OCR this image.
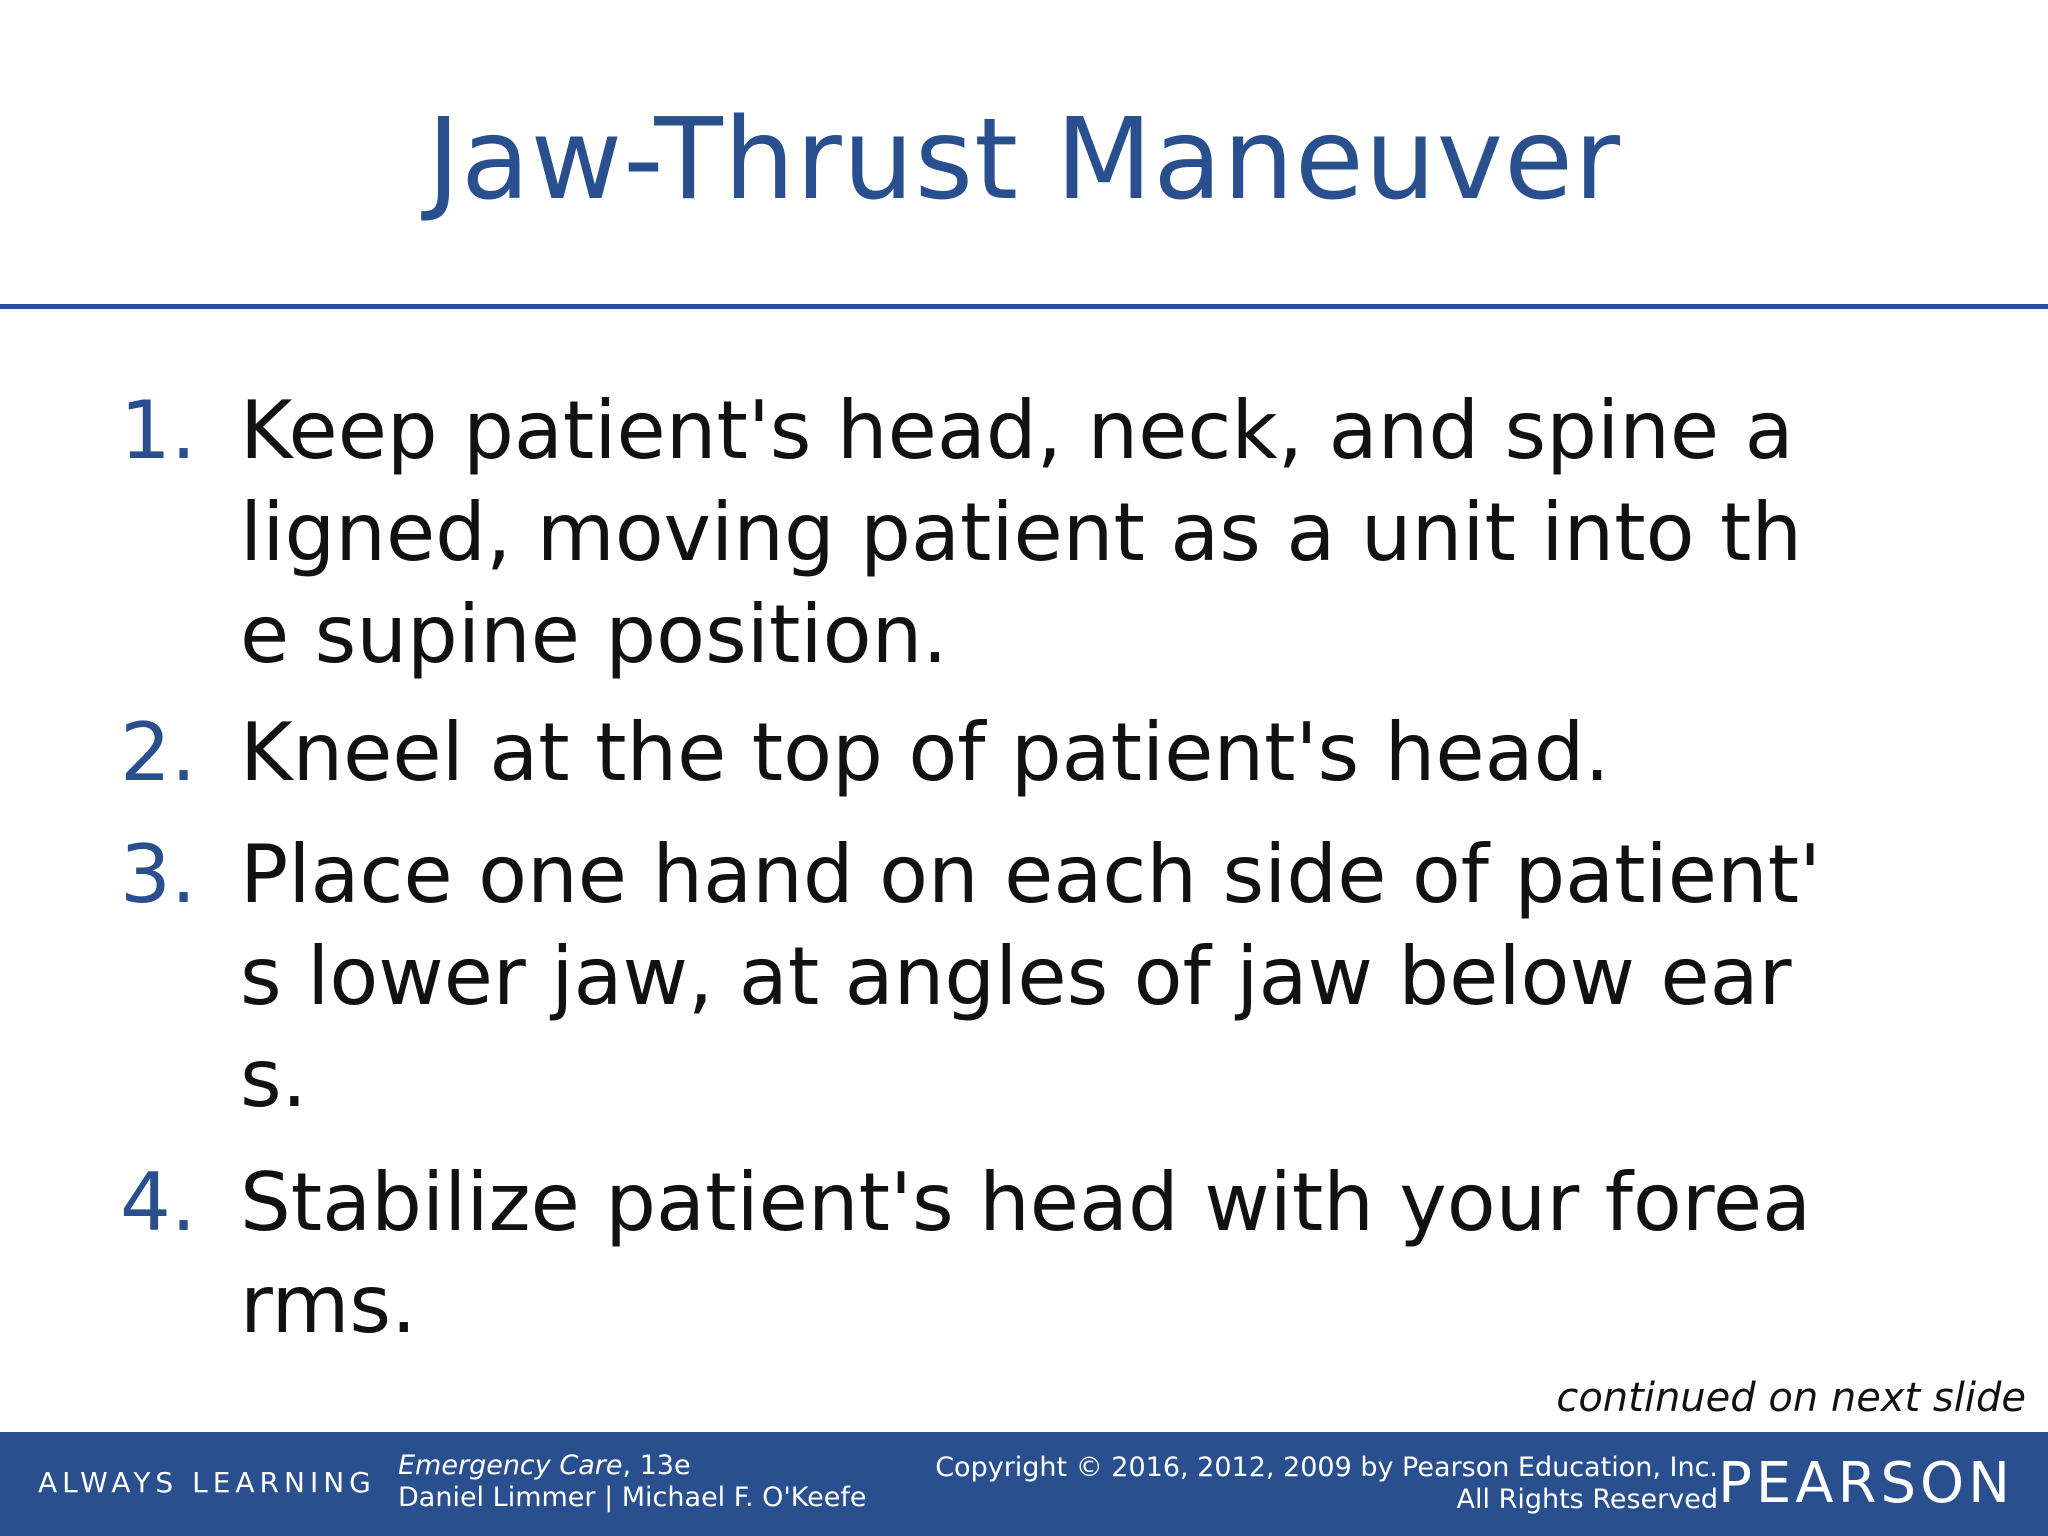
Jaw-Thrust Maneuver
1. Keep patient's head, neck, and spine a
ligned, moving patient as a unit into th
e supine position.
2. Kneel at the top of patient's head.
3. Place one hand on each side of patient'
s lower jaw, at angles of jaw below ear
s.
4. Stabilize patient's head with your forea
rms.
continued on next slide
ALWAYS LEARNING
Emergency Care, 13e
Daniel Limmer | Michael F. O'Keefe
Copyright © 2016, 2012, 2009 by Pearson Education, Inc.
All Rights Reserved PEARSON
